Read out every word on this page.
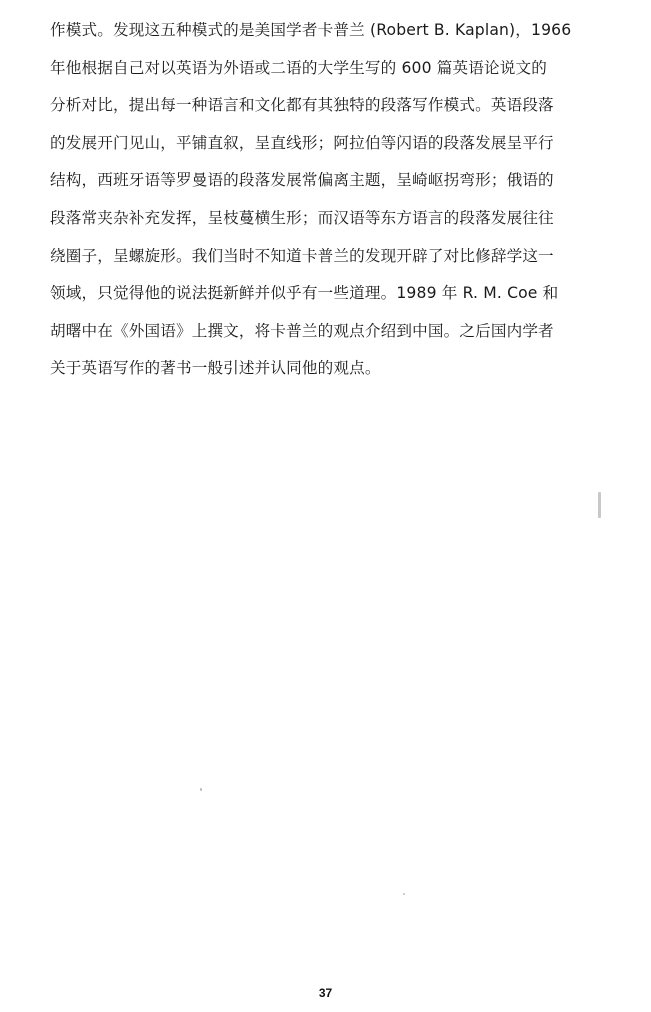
作模式。发现这五种模式的是美国学者卡普兰 (Robert B. Kaplan)，1966
年他根据自己对以英语为外语或二语的大学生写的 600 篇英语论说文的
分析对比，提出每一种语言和文化都有其独特的段落写作模式。英语段落
的发展开门见山，平铺直叙，呈直线形；阿拉伯等闪语的段落发展呈平行
结构，西班牙语等罗曼语的段落发展常偏离主题，呈崎岖拐弯形；俄语的
段落常夹杂补充发挥，呈枝蔓横生形；而汉语等东方语言的段落发展往往
绕圈子，呈螺旋形。我们当时不知道卡普兰的发现开辟了对比修辞学这一
领域，只觉得他的说法挺新鲜并似乎有一些道理。1989 年 R. M. Coe 和
胡曙中在《外国语》上撰文，将卡普兰的观点介绍到中国。之后国内学者
关于英语写作的著书一般引述并认同他的观点。
37
